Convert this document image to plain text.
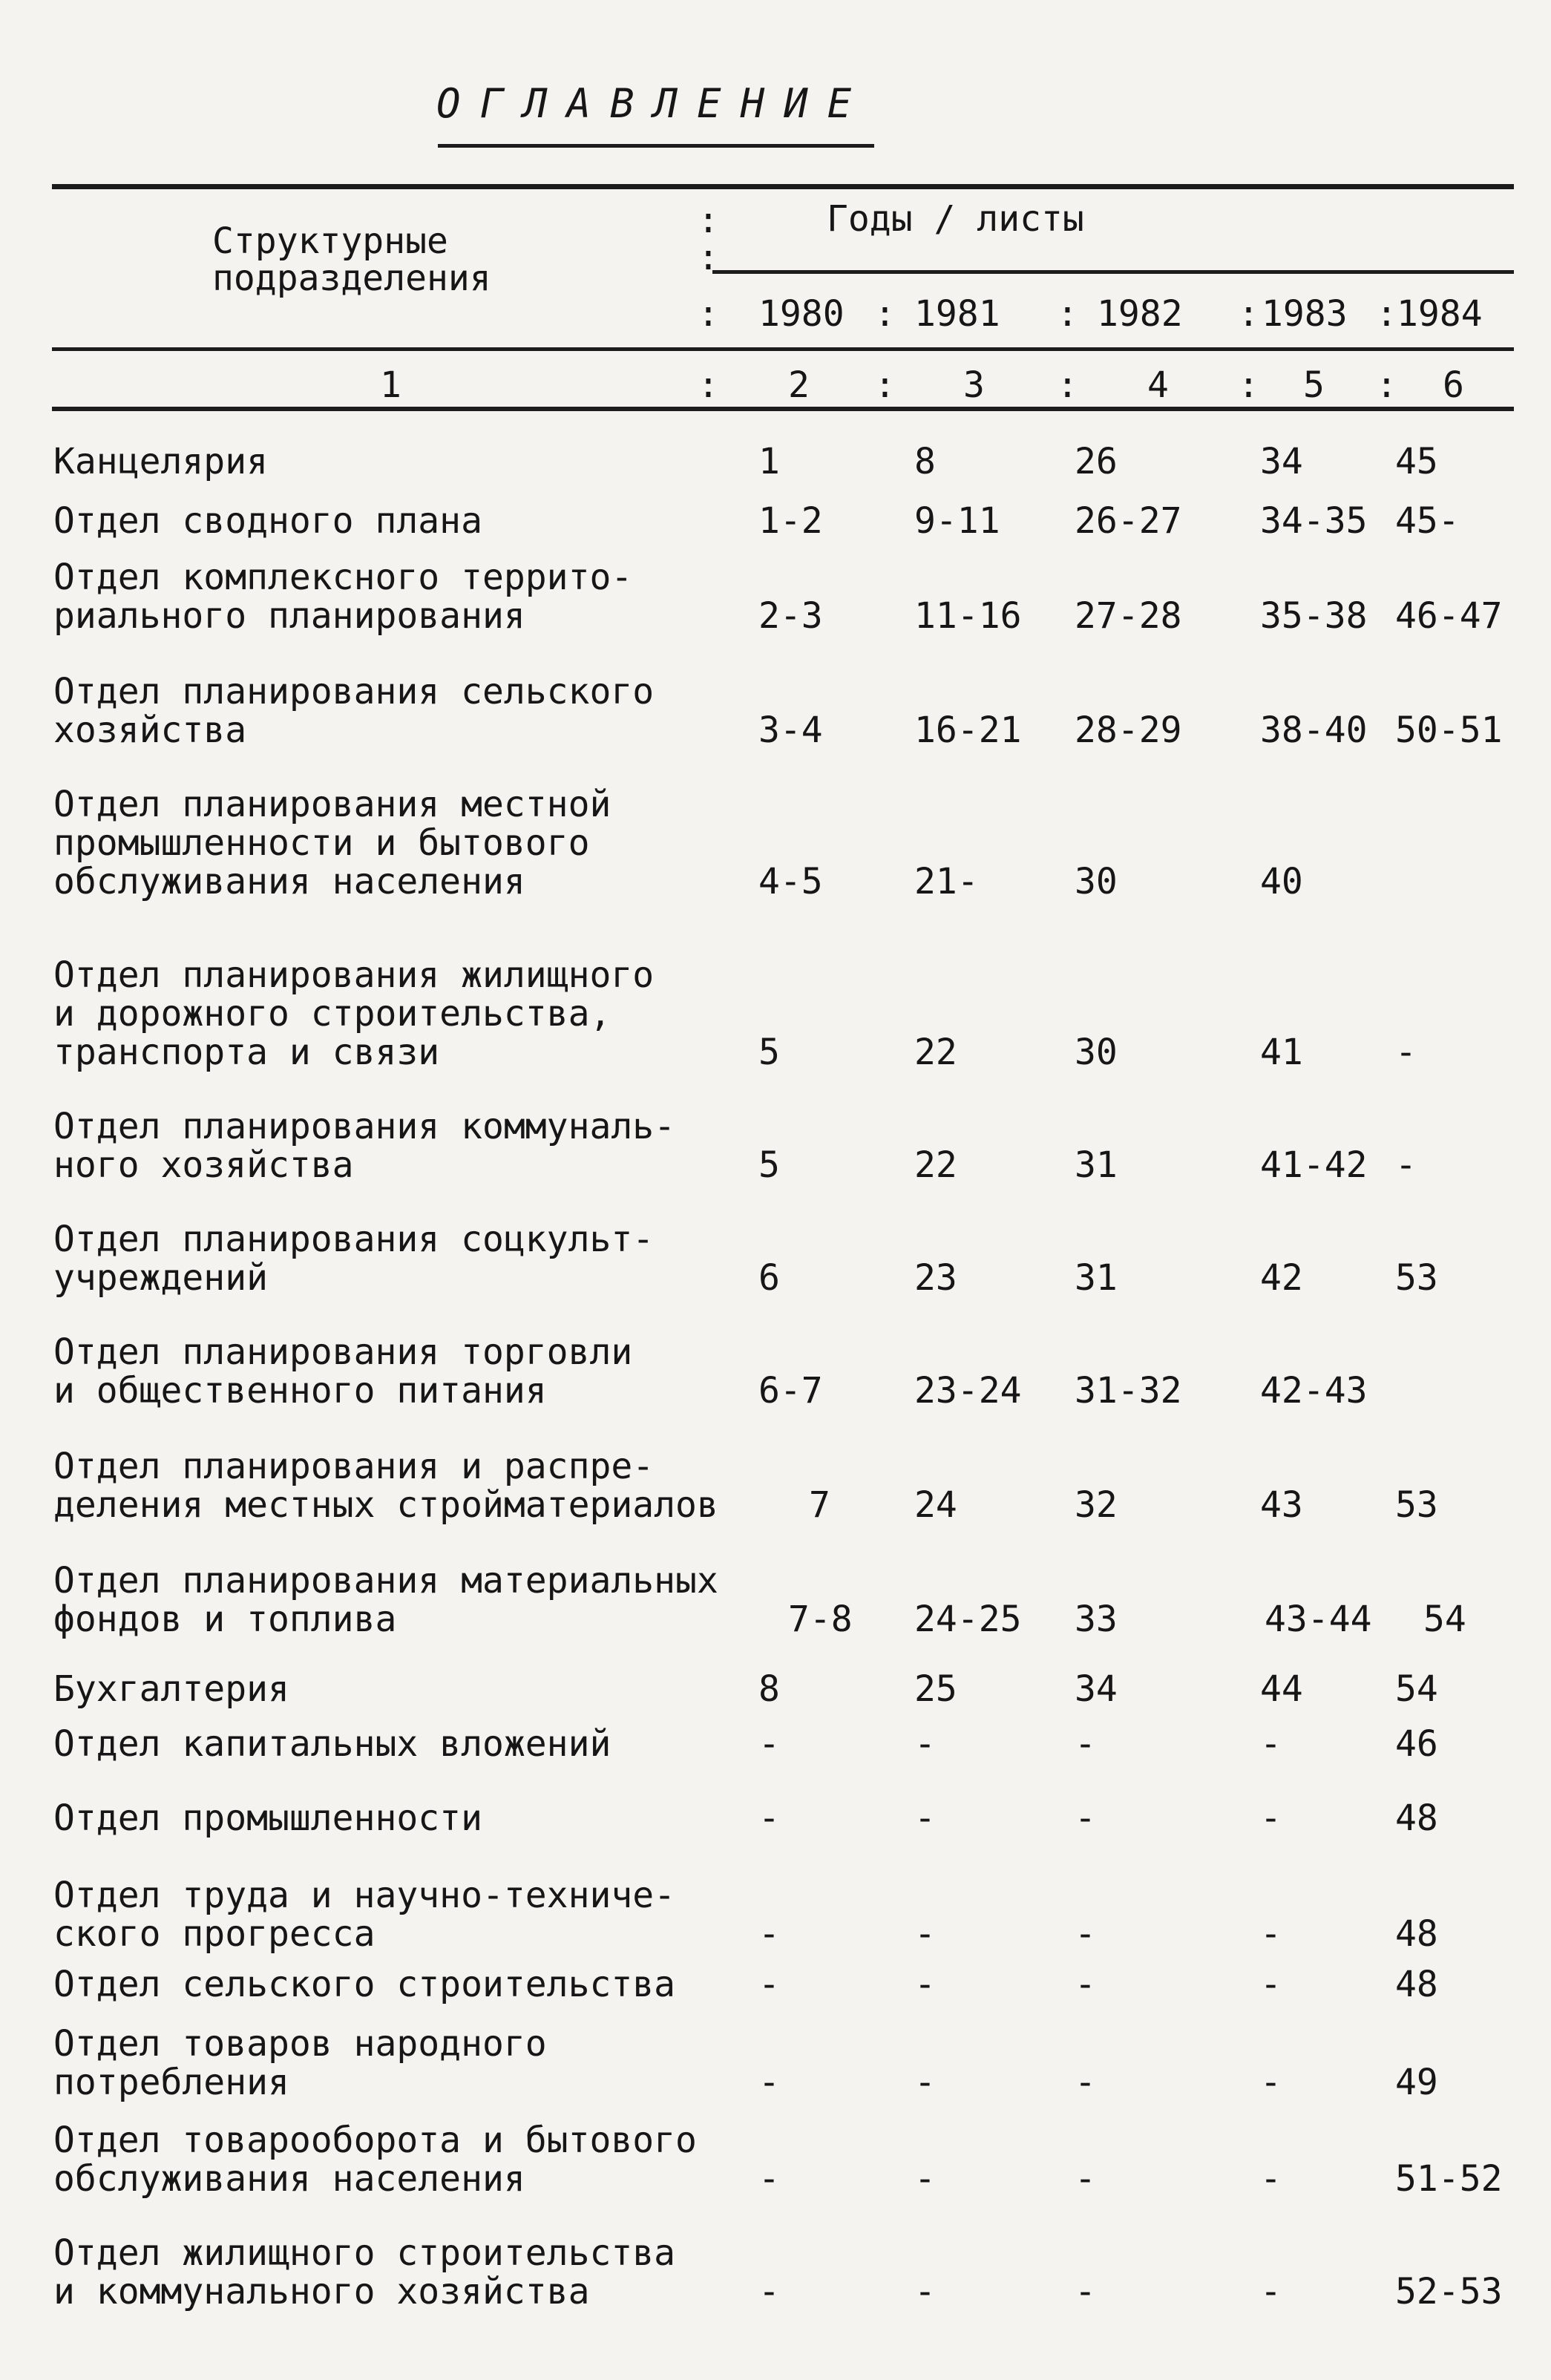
ОГЛАВЛЕНИЕ
Структурные
подразделения
Годы / листы
: 1980 : 1981 : 1982 : 1983 : 1984
:
:
1	2	3	4	5	6
:	:	:	:	:
Канцелярия	1	8	26	34	45
Отдел сводного плана	1-2	9-11 26-27 34-35 45-
Отдел комплексного террито-
риального планирования	2-3	11-16 27-28 35-38 46-47
Отдел планирования сельского
хозяйства	3-4	16-21 28-29 38-40 50-51
Отдел планирования местной
промышленности и бытового
обслуживания населения	4-5	21-	30	40
Отдел планирования жилищного
и дорожного строительства,
транспорта и связи	5	22	30	41	-
Отдел планирования коммуналь-
ного хозяйства	5	22	31	41-42 -
Отдел планирования соцкульт-
учреждений	6	23	31	42	53
Отдел планирования торговли
и общественного питания	6-7	23-24 31-32 42-43
Отдел планирования и распре-
деления местных стройматериалов	7 24	32	43	53
Отдел планирования материальных
фондов и топлива	7-8 24-25 33	43-44 54
Бухгалтерия	8	25	34	44	54
Отдел капитальных вложений	-	-	-	-	46
Отдел промышленности	-	-	-	-	48
Отдел труда и научно-техниче-
ского прогресса	-	-	-	-	48
Отдел сельского строительства -	-	-	-	48
Отдел товаров народного
потребления	-	-	-	-	49
Отдел товарооборота и бытового
обслуживания населения	-	-	-	-	51-52
Отдел жилищного строительства
и коммунального хозяйства	-	-	-	-	52-53
